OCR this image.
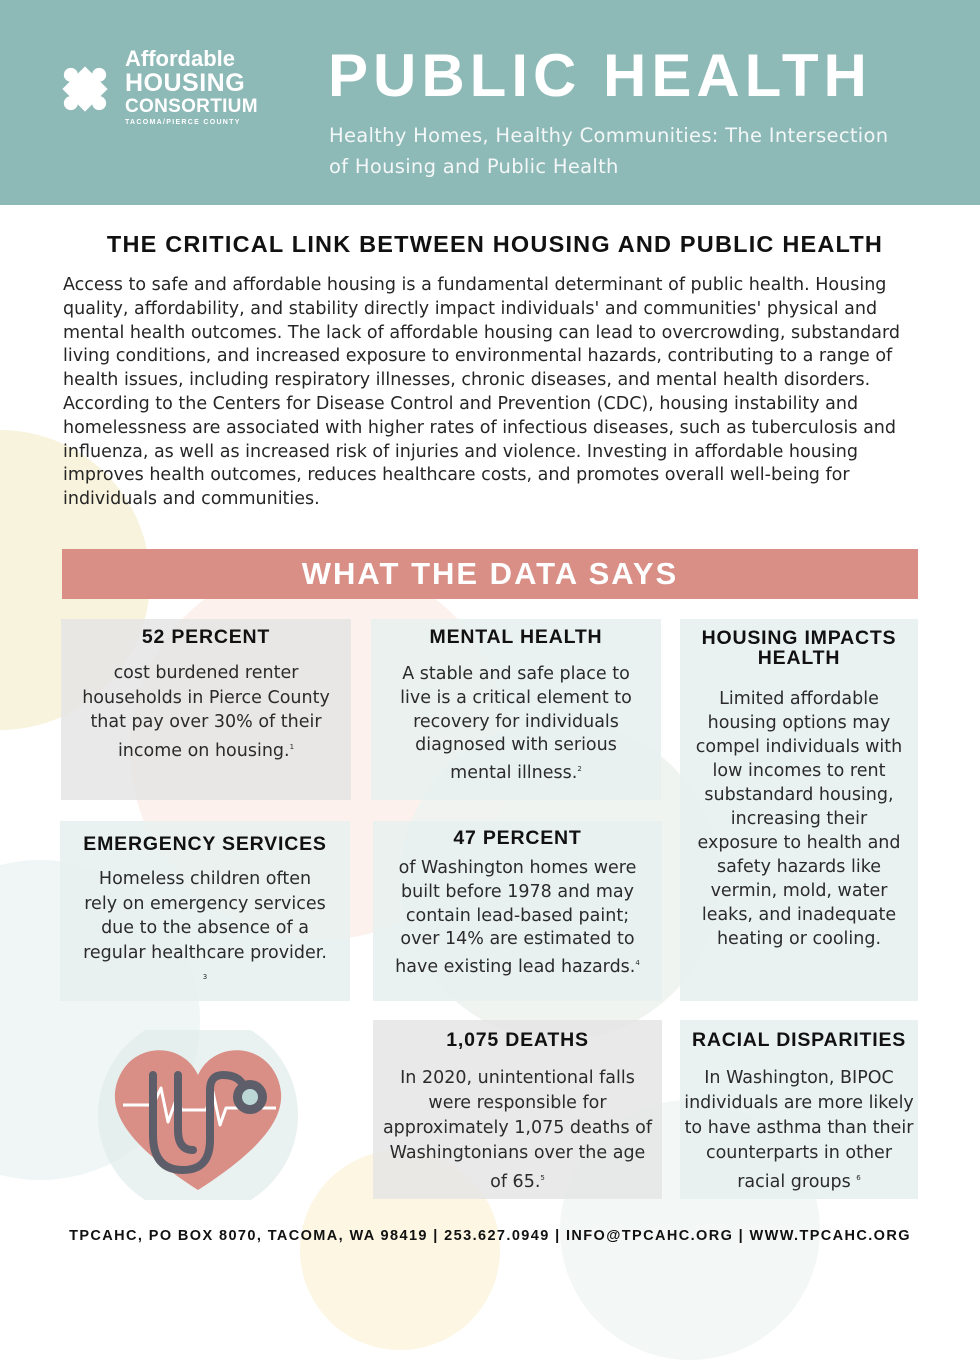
Affordable
HOUSING
CONSORTIUM
TACOMA/PIERCE COUNTY
PUBLIC HEALTH
Healthy Homes, Healthy Communities: The Intersection of Housing and Public Health
THE CRITICAL LINK BETWEEN HOUSING AND PUBLIC HEALTH

Access to safe and affordable housing is a fundamental determinant of public health. Housing quality, affordability, and stability directly impact individuals' and communities' physical and mental health outcomes. The lack of affordable housing can lead to overcrowding, substandard living conditions, and increased exposure to environmental hazards, contributing to a range of health issues, including respiratory illnesses, chronic diseases, and mental health disorders. According to the Centers for Disease Control and Prevention (CDC), housing instability and homelessness are associated with higher rates of infectious diseases, such as tuberculosis and influenza, as well as increased risk of injuries and violence. Investing in affordable housing improves health outcomes, reduces healthcare costs, and promotes overall well-being for individuals and communities.

WHAT THE DATA SAYS
52 PERCENT

cost burdened renter households in Pierce County that pay over 30% of their income on housing.$^1$

MENTAL HEALTH

A stable and safe place to live is a critical element to recovery for individuals diagnosed with serious mental illness.$^2$

HOUSING IMPACTS HEALTH

Limited affordable housing options may compel individuals with low incomes to rent substandard housing, increasing their exposure to health and safety hazards like vermin, mold, water leaks, and inadequate heating or cooling.

EMERGENCY SERVICES

Homeless children often rely on emergency services due to the absence of a regular healthcare provider. $^3$

47 PERCENT

of Washington homes were built before 1978 and may contain lead-based paint; over 14% are estimated to have existing lead hazards.$^4$

1,075 DEATHS

In 2020, unintentional falls were responsible for approximately 1,075 deaths of Washingtonians over the age of 65.$^5$

RACIAL DISPARITIES

In Washington, BIPOC individuals are more likely to have asthma than their counterparts in other racial groups $^6$

TPCAHC, PO BOX 8070, TACOMA, WA 98419 | 253.627.0949 | INFO@TPCAHC.ORG | WWW.TPCAHC.ORG
